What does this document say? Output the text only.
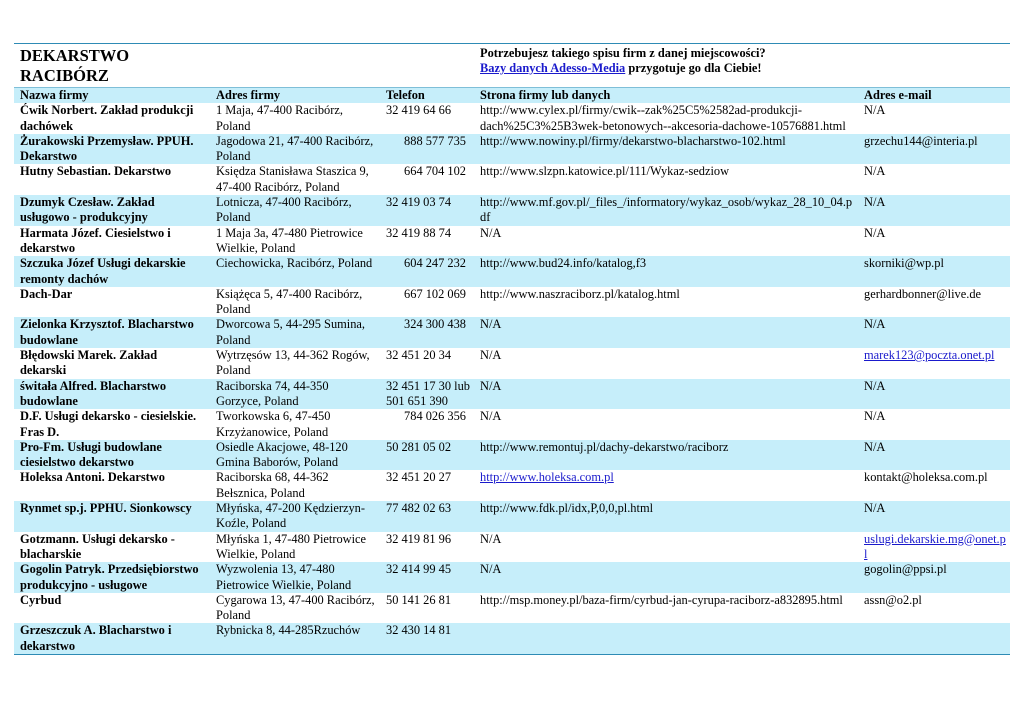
DEKARSTWO
RACIBÓRZ			Potrzebujesz takiego spisu firm z danej miejscowości?
Bazy danych Adesso-Media przygotuje go dla Ciebie!	

Nazwa firmy	Adres firmy	Telefon	Strona firmy lub danych	Adres e-mail
Ćwik Norbert. Zakład produkcji dachówek	1 Maja, 47-400 Racibórz, Poland	32 419 64 66	http://www.cylex.pl/firmy/cwik--zak%25C5%2582ad-produkcji-dach%25C3%25B3wek-betonowych--akcesoria-dachowe-10576881.html	N/A
Żurakowski Przemysław. PPUH. Dekarstwo	Jagodowa 21, 47-400 Racibórz, Poland	888 577 735	http://www.nowiny.pl/firmy/dekarstwo-blacharstwo-102.html	grzechu144@interia.pl
Hutny Sebastian. Dekarstwo	Księdza Stanisława Staszica 9, 47-400 Racibórz, Poland	664 704 102	http://www.slzpn.katowice.pl/111/Wykaz-sedziow	N/A
Dzumyk Czesław. Zakład usługowo - produkcyjny	Lotnicza, 47-400 Racibórz, Poland	32 419 03 74	http://www.mf.gov.pl/_files_/informatory/wykaz_osob/wykaz_28_10_04.pdf	N/A
Harmata Józef. Ciesielstwo i dekarstwo	1 Maja 3a, 47-480 Pietrowice Wielkie, Poland	32 419 88 74	N/A	N/A
Szczuka Józef Usługi dekarskie remonty dachów	Ciechowicka, Racibórz, Poland	604 247 232	http://www.bud24.info/katalog,f3	skorniki@wp.pl
Dach-Dar	Książęca 5, 47-400 Racibórz, Poland	667 102 069	http://www.naszraciborz.pl/katalog.html	gerhardbonner@live.de
Zielonka Krzysztof. Blacharstwo budowlane	Dworcowa 5, 44-295 Sumina, Poland	324 300 438	N/A	N/A
Błędowski Marek. Zakład dekarski	Wytrzęsów 13, 44-362 Rogów, Poland	32 451 20 34	N/A	marek123@poczta.onet.pl
świtała Alfred. Blacharstwo budowlane	Raciborska 74, 44-350 Gorzyce, Poland	32 451 17 30 lub 501 651 390	N/A	N/A
D.F. Usługi dekarsko - ciesielskie. Fras D.	Tworkowska 6, 47-450 Krzyżanowice, Poland	784 026 356	N/A	N/A
Pro-Fm. Usługi budowlane ciesielstwo dekarstwo	Osiedle Akacjowe, 48-120 Gmina Baborów, Poland	50 281 05 02	http://www.remontuj.pl/dachy-dekarstwo/raciborz	N/A
Holeksa Antoni. Dekarstwo	Raciborska 68, 44-362 Bełsznica, Poland	32 451 20 27	http://www.holeksa.com.pl	kontakt@holeksa.com.pl
Rynmet sp.j. PPHU. Sionkowscy	Młyńska, 47-200 Kędzierzyn-Koźle, Poland	77 482 02 63	http://www.fdk.pl/idx,P,0,0,pl.html	N/A
Gotzmann. Usługi dekarsko - blacharskie	Młyńska 1, 47-480 Pietrowice Wielkie, Poland	32 419 81 96	N/A	uslugi.dekarskie.mg@onet.pl
Gogolin Patryk. Przedsiębiorstwo produkcyjno - usługowe	Wyzwolenia 13, 47-480 Pietrowice Wielkie, Poland	32 414 99 45	N/A	gogolin@ppsi.pl
Cyrbud	Cygarowa 13, 47-400 Racibórz, Poland	50 141 26 81	http://msp.money.pl/baza-firm/cyrbud-jan-cyrupa-raciborz-a832895.html	assn@o2.pl
Grzeszczuk A. Blacharstwo i dekarstwo	Rybnicka 8, 44-285Rzuchów	32 430 14 81		
